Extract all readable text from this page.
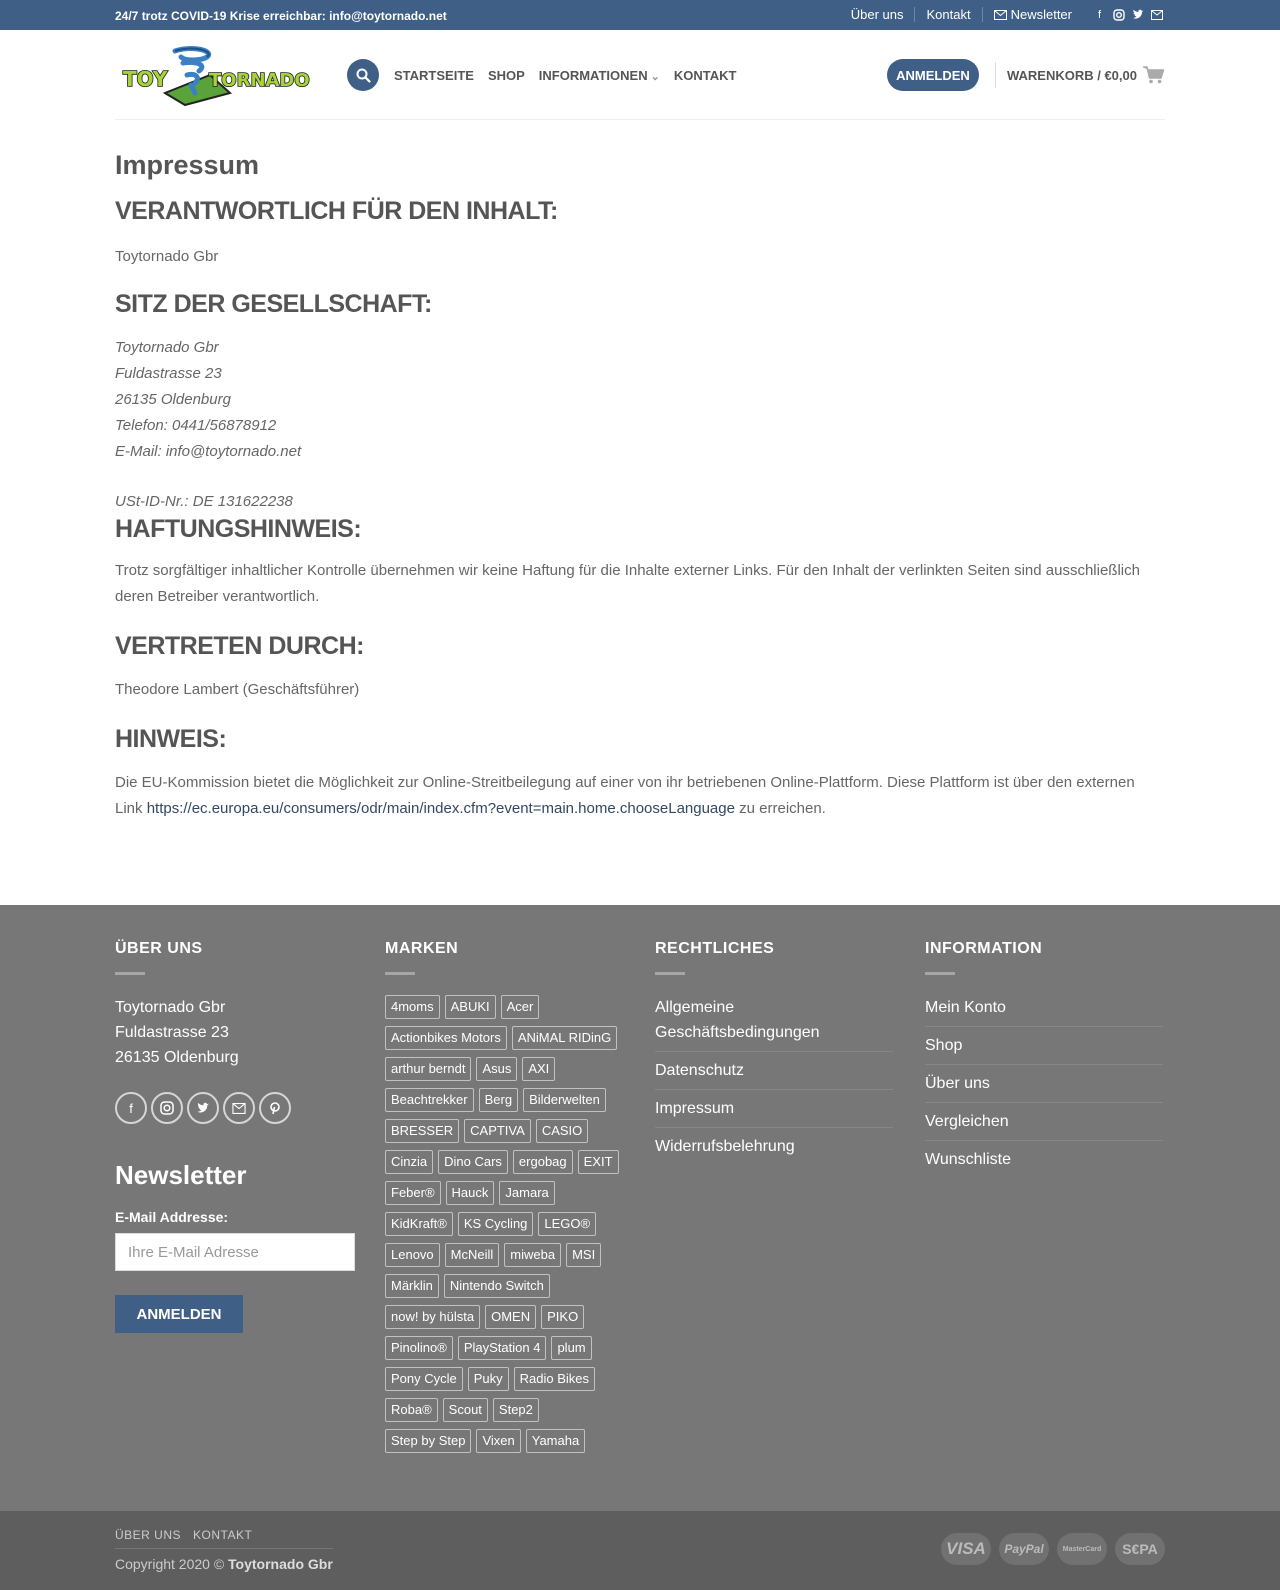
24/7 trotz COVID-19 Krise erreichbar: info@toytornado.net	Über uns	Kontakt	Newsletter	f
TOY TORNADO	STARTSEITE SHOP INFORMATIONEN ⌄	KONTAKT	ANMELDEN	WARENKORB / €0,00
Impressum
VERANTWORTLICH FÜR DEN INHALT:

Toytornado Gbr

SITZ DER GESELLSCHAFT:

Toytornado Gbr

Fuldastrasse 23

26135 Oldenburg

Telefon: 0441/56878912

E-Mail: info@toytornado.net

USt-ID-Nr.: DE 131622238

HAFTUNGSHINWEIS:

Trotz sorgfältiger inhaltlicher Kontrolle übernehmen wir keine Haftung für die Inhalte externer Links. Für den Inhalt der verlinkten Seiten sind ausschließlich deren Betreiber verantwortlich.

VERTRETEN DURCH:

Theodore Lambert (Geschäftsführer)

HINWEIS:

Die EU-Kommission bietet die Möglichkeit zur Online-Streitbeilegung auf einer von ihr betriebenen Online-Plattform. Diese Plattform ist über den externen Link https://ec.europa.eu/consumers/odr/main/index.cfm?event=main.home.chooseLanguage zu erreichen.

ÜBER UNS
Toytornado Gbr
Fuldastrasse 23
26135 Oldenburg
f
Newsletter
E-Mail Addresse:
Ihre E-Mail Adresse
ANMELDEN
MARKEN
4moms	ABUKI	Acer
Actionbikes Motors	ANiMAL RIDinG
arthur berndt	Asus	AXI
Beachtrekker	Berg	Bilderwelten
BRESSER	CAPTIVA	CASIO
Cinzia	Dino Cars	ergobag	EXIT
Feber®	Hauck	Jamara
KidKraft®	KS Cycling	LEGO®
Lenovo	McNeill	miweba	MSI
Märklin	Nintendo Switch
now! by hülsta	OMEN	PIKO
Pinolino®	PlayStation 4	plum
Pony Cycle	Puky	Radio Bikes
Roba®	Scout	Step2
Step by Step	Vixen	Yamaha
RECHTLICHES
Allgemeine Geschäftsbedingungen
Datenschutz
Impressum
Widerrufsbelehrung
INFORMATION
Mein Konto
Shop
Über uns
Vergleichen
Wunschliste
ÜBER UNS KONTAKT
Copyright 2020 © Toytornado Gbr
VISA	PayPal	MasterCard	S€PA
